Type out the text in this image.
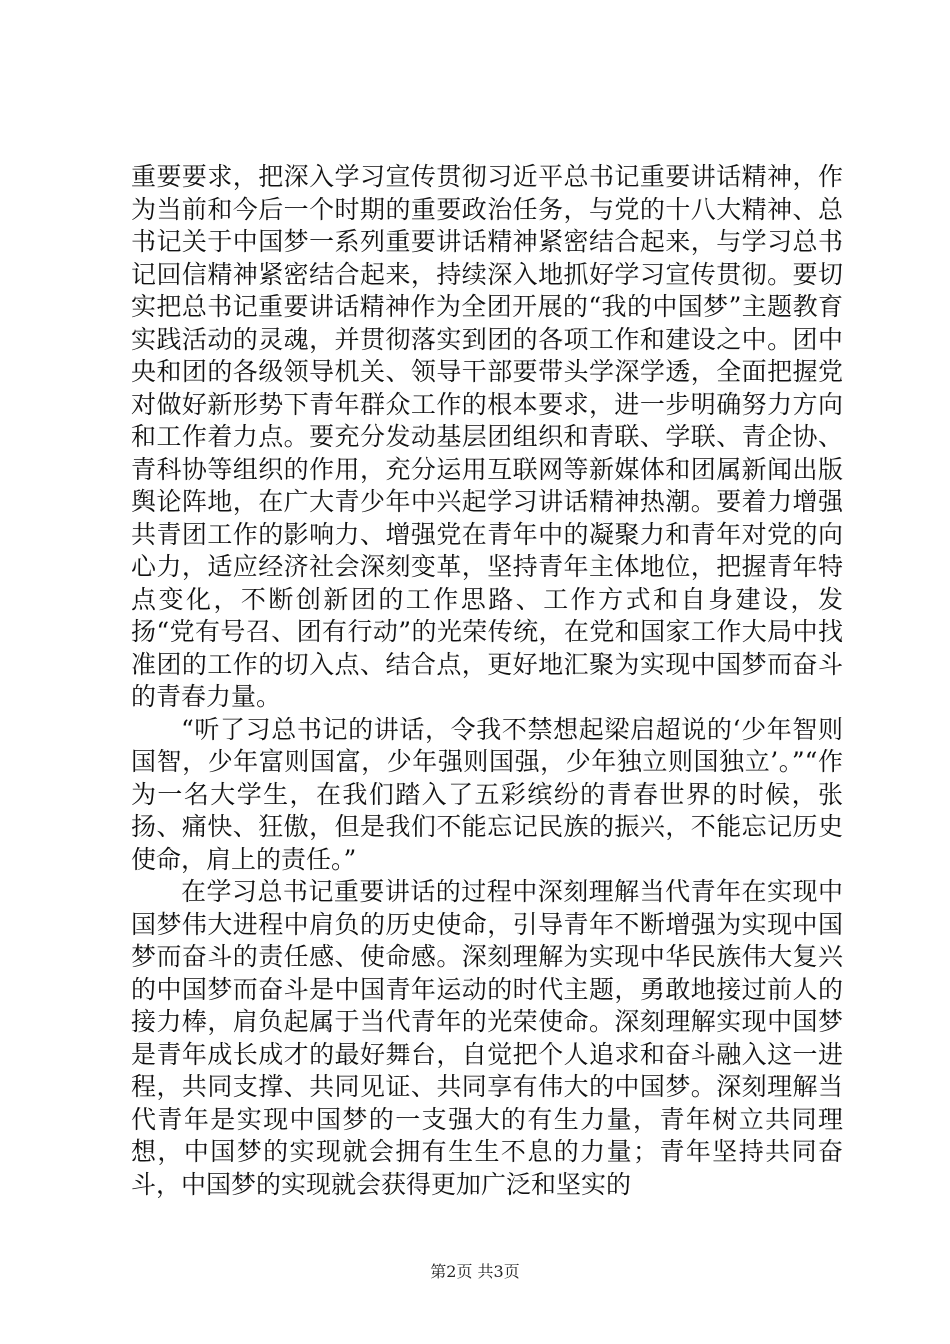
重要要求，把深入学习宣传贯彻习近平总书记重要讲话精神，作为当前和今后一个时期的重要政治任务，与党的十八大精神、总书记关于中国梦一系列重要讲话精神紧密结合起来，与学习总书记回信精神紧密结合起来，持续深入地抓好学习宣传贯彻。要切实把总书记重要讲话精神作为全团开展的“我的中国梦”主题教育实践活动的灵魂，并贯彻落实到团的各项工作和建设之中。团中央和团的各级领导机关、领导干部要带头学深学透，全面把握党对做好新形势下青年群众工作的根本要求，进一步明确努力方向和工作着力点。要充分发动基层团组织和青联、学联、青企协、青科协等组织的作用，充分运用互联网等新媒体和团属新闻出版舆论阵地，在广大青少年中兴起学习讲话精神热潮。要着力增强共青团工作的影响力、增强党在青年中的凝聚力和青年对党的向心力，适应经济社会深刻变革，坚持青年主体地位，把握青年特点变化，不断创新团的工作思路、工作方式和自身建设，发扬“党有号召、团有行动”的光荣传统，在党和国家工作大局中找准团的工作的切入点、结合点，更好地汇聚为实现中国梦而奋斗的青春力量。

“听了习总书记的讲话，令我不禁想起梁启超说的‘少年智则国智，少年富则国富，少年强则国强，少年独立则国独立’。”“作为一名大学生，在我们踏入了五彩缤纷的青春世界的时候，张扬、痛快、狂傲，但是我们不能忘记民族的振兴，不能忘记历史使命，肩上的责任。”

在学习总书记重要讲话的过程中深刻理解当代青年在实现中国梦伟大进程中肩负的历史使命，引导青年不断增强为实现中国梦而奋斗的责任感、使命感。深刻理解为实现中华民族伟大复兴的中国梦而奋斗是中国青年运动的时代主题，勇敢地接过前人的接力棒，肩负起属于当代青年的光荣使命。深刻理解实现中国梦是青年成长成才的最好舞台，自觉把个人追求和奋斗融入这一进程，共同支撑、共同见证、共同享有伟大的中国梦。深刻理解当代青年是实现中国梦的一支强大的有生力量，青年树立共同理想，中国梦的实现就会拥有生生不息的力量；青年坚持共同奋斗，中国梦的实现就会获得更加广泛和坚实的

第2页 共3页
